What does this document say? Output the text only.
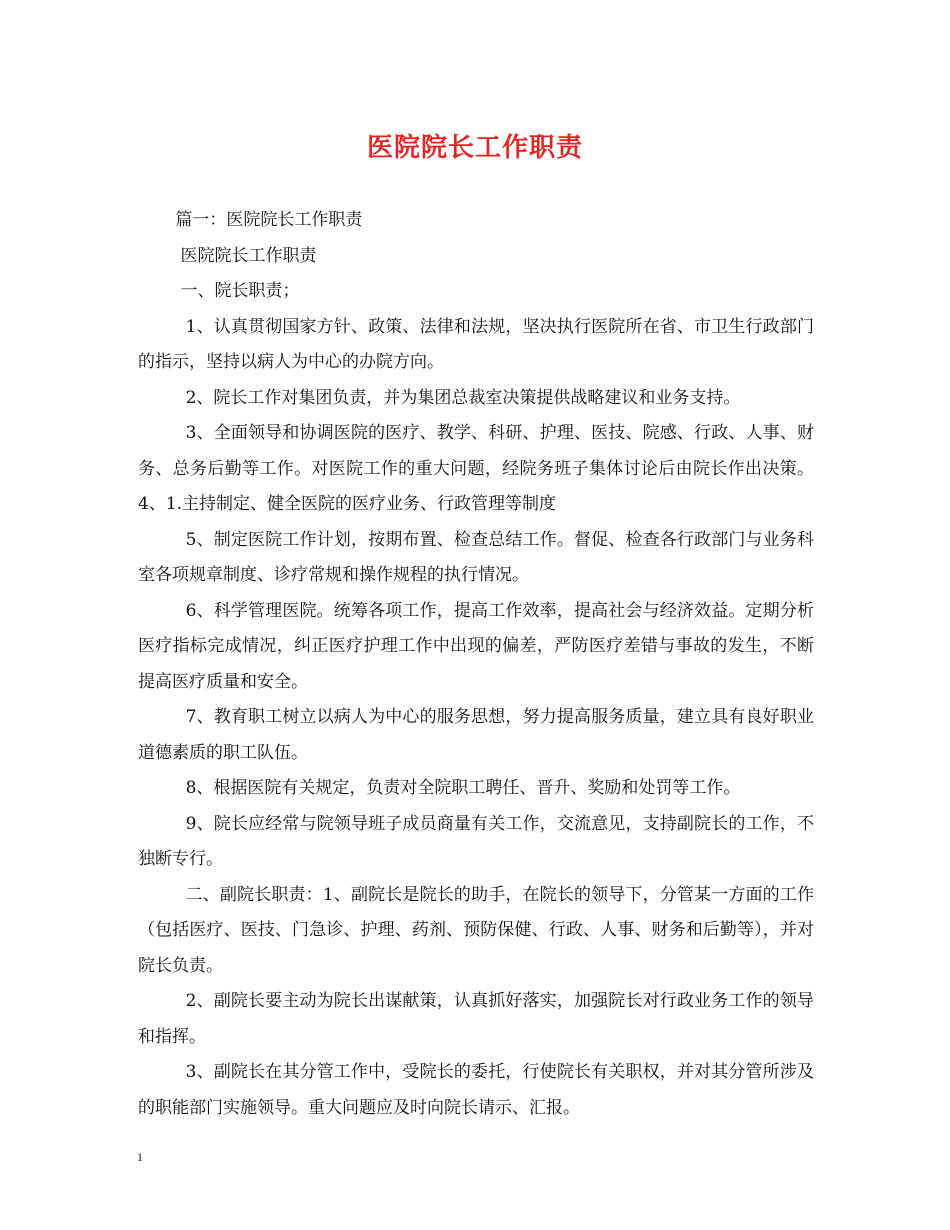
医院院长工作职责

篇一：医院院长工作职责

医院院长工作职责

一、院长职责；

1、认真贯彻国家方针、政策、法律和法规，坚决执行医院所在省、市卫生行政部门的指示，坚持以病人为中心的办院方向。

2、院长工作对集团负责，并为集团总裁室决策提供战略建议和业务支持。

3、全面领导和协调医院的医疗、教学、科研、护理、医技、院感、行政、人事、财务、总务后勤等工作。对医院工作的重大问题，经院务班子集体讨论后由院长作出决策。 4、1.主持制定、健全医院的医疗业务、行政管理等制度

5、制定医院工作计划，按期布置、检查总结工作。督促、检查各行政部门与业务科室各项规章制度、诊疗常规和操作规程的执行情况。

6、科学管理医院。统筹各项工作，提高工作效率，提高社会与经济效益。定期分析医疗指标完成情况，纠正医疗护理工作中出现的偏差，严防医疗差错与事故的发生，不断提高医疗质量和安全。

7、教育职工树立以病人为中心的服务思想，努力提高服务质量，建立具有良好职业道德素质的职工队伍。

8、根据医院有关规定，负责对全院职工聘任、晋升、奖励和处罚等工作。

9、院长应经常与院领导班子成员商量有关工作，交流意见，支持副院长的工作，不独断专行。

二、副院长职责：1、副院长是院长的助手，在院长的领导下，分管某一方面的工作（包括医疗、医技、门急诊、护理、药剂、预防保健、行政、人事、财务和后勤等），并对院长负责。

2、副院长要主动为院长出谋献策，认真抓好落实，加强院长对行政业务工作的领导和指挥。

3、副院长在其分管工作中，受院长的委托，行使院长有关职权，并对其分管所涉及的职能部门实施领导。重大问题应及时向院长请示、汇报。

1
